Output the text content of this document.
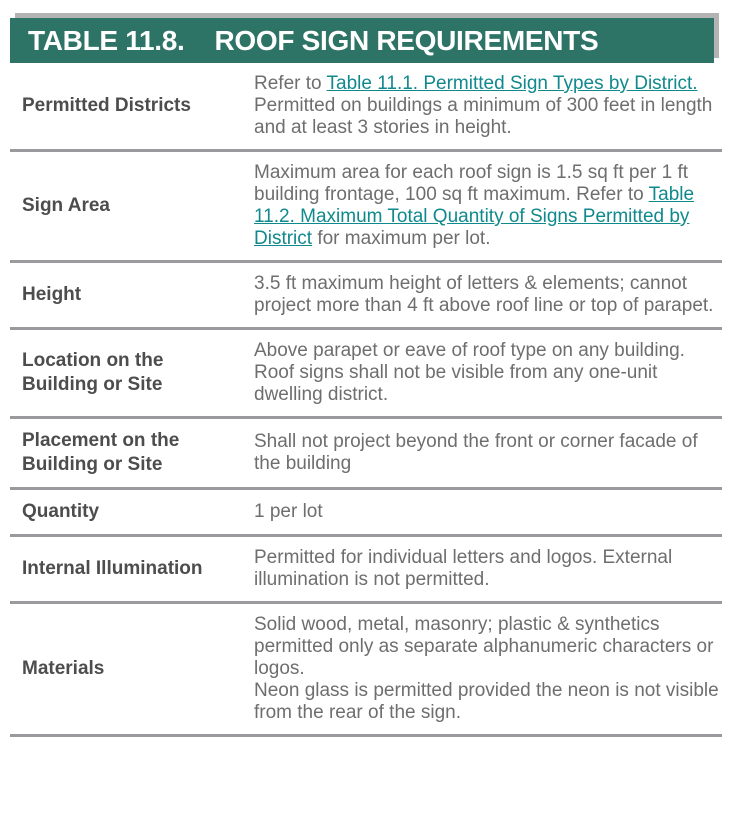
TABLE 11.8. ROOF SIGN REQUIREMENTS
Permitted Districts
Refer to Table 11.1. Permitted Sign Types by District. Permitted on buildings a minimum of 300 feet in length and at least 3 stories in height.
Sign Area
Maximum area for each roof sign is 1.5 sq ft per 1 ft building frontage, 100 sq ft maximum. Refer to Table 11.2. Maximum Total Quantity of Signs Permitted by District for maximum per lot.
Height
3.5 ft maximum height of letters & elements; cannot project more than 4 ft above roof line or top of parapet.
Location on the Building or Site
Above parapet or eave of roof type on any building. Roof signs shall not be visible from any one-unit dwelling district.
Placement on the Building or Site
Shall not project beyond the front or corner facade of the building
Quantity	1 per lot
Internal Illumination
Permitted for individual letters and logos. External illumination is not permitted.
Materials
Solid wood, metal, masonry; plastic & synthetics permitted only as separate alphanumeric characters or logos.
Neon glass is permitted provided the neon is not visible from the rear of the sign.
